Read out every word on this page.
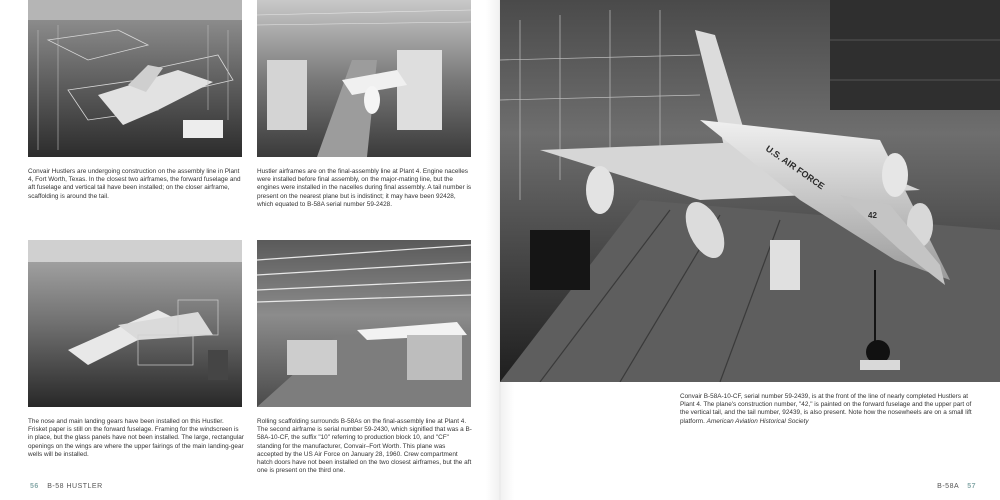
U.S. AIR FORCE
42

Convair Hustlers are undergoing construction on the assembly line in Plant 4, Fort Worth, Texas. In the closest two airframes, the forward fuselage and aft fuselage and vertical tail have been installed; on the closer airframe, scaffolding is around the tail.

Hustler airframes are on the final-assembly line at Plant 4. Engine nacelles were installed before final assembly, on the major-mating line, but the engines were installed in the nacelles during final assembly. A tail number is present on the nearest plane but is indistinct; it may have been 92428, which equated to B-58A serial number 59-2428.

The nose and main landing gears have been installed on this Hustler. Frisket paper is still on the forward fuselage. Framing for the windscreen is in place, but the glass panels have not been installed. The large, rectangular openings on the wings are where the upper fairings of the main landing-gear wells will be installed.

Rolling scaffolding surrounds B-58As on the final-assembly line at Plant 4. The second airframe is serial number 59-2430, which signified that was a B-58A-10-CF, the suffix "10" referring to production block 10, and "CF" standing for the manufacturer, Convair–Fort Worth. This plane was accepted by the US Air Force on January 28, 1960. Crew compartment hatch doors have not been installed on the two closest airframes, but the aft one is present on the third one.

Convair B-58A-10-CF, serial number 59-2439, is at the front of the line of nearly completed Hustlers at Plant 4. The plane's construction number, "42," is painted on the forward fuselage and the upper part of the vertical tail, and the tail number, 92439, is also present. Note how the nosewheels are on a small lift platform. American Aviation Historical Society

56 B-58 HUSTLER	B-58A 57
